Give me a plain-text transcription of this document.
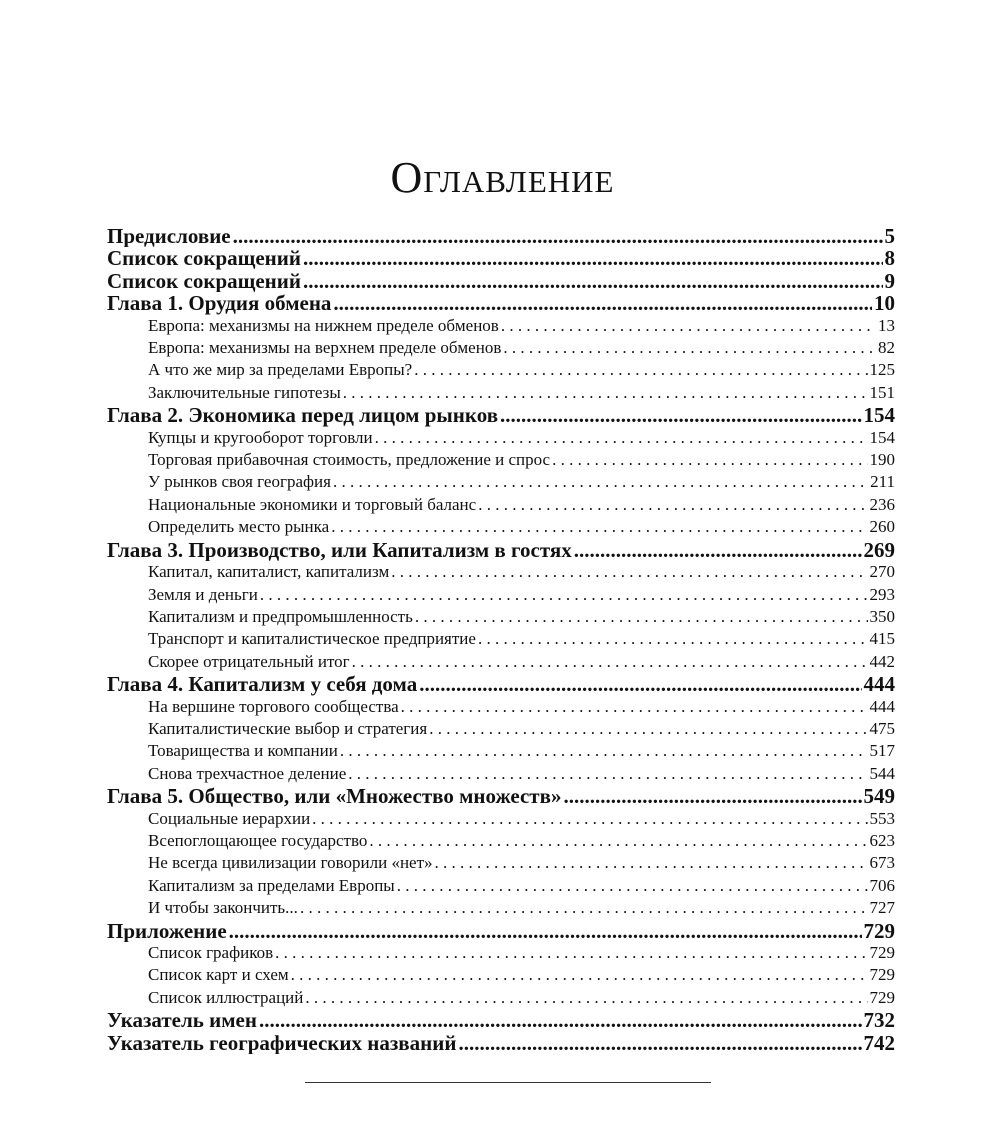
Оглавление
Предисловие .....	5
Список сокращений .....	8
Список сокращений .....	9
Глава 1. Орудия обмена .....	10
Европа: механизмы на нижнем пределе обменов . . .	13
Европа: механизмы на верхнем пределе обменов . . .	82
А что же мир за пределами Европы? . . .	125
Заключительные гипотезы . . .	151
Глава 2. Экономика перед лицом рынков .....	154
Купцы и кругооборот торговли . . .	154
Торговая прибавочная стоимость, предложение и спрос . . .	190
У рынков своя география . . .	211
Национальные экономики и торговый баланс . . .	236
Определить место рынка . . .	260
Глава 3. Производство, или Капитализм в гостях .....	269
Капитал, капиталист, капитализм . . .	270
Земля и деньги . . .	293
Капитализм и предпромышленность . . .	350
Транспорт и капиталистическое предприятие . . .	415
Скорее отрицательный итог . . .	442
Глава 4. Капитализм у себя дома .....	444
На вершине торгового сообщества . . .	444
Капиталистические выбор и стратегия . . .	475
Товарищества и компании . . .	517
Снова трехчастное деление . . .	544
Глава 5. Общество, или «Множество множеств» .....	549
Социальные иерархии . . .	553
Всепоглощающее государство . . .	623
Не всегда цивилизации говорили «нет» . . .	673
Капитализм за пределами Европы . . .	706
И чтобы закончить... . . .	727
Приложение .....	729
Список графиков . . .	729
Список карт и схем . . .	729
Список иллюстраций . . .	729
Указатель имен .....	732
Указатель географических названий .....	742
